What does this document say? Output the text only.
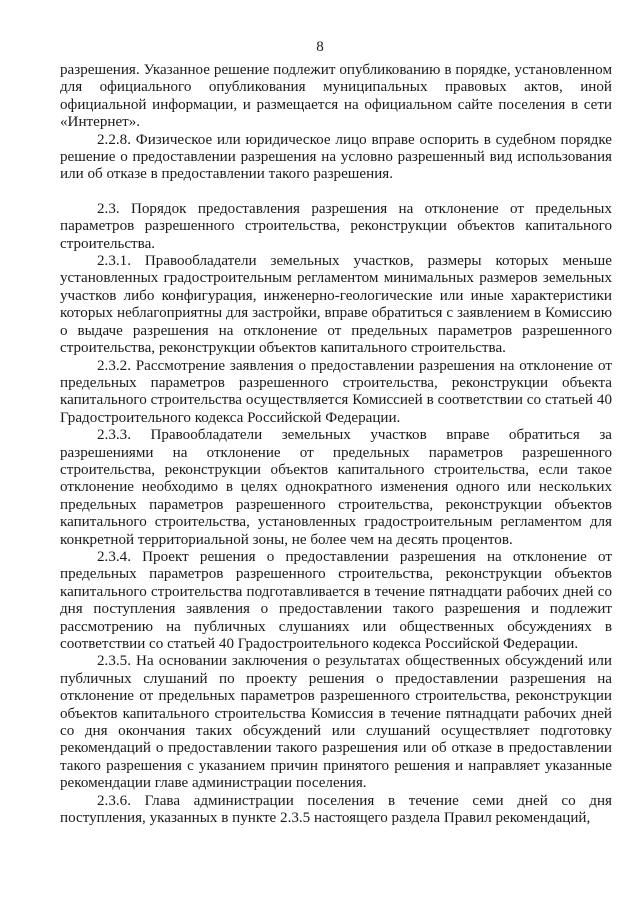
8

разрешения. Указанное решение подлежит опубликованию в порядке, установленном для официального опубликования муниципальных правовых актов, иной официальной информации, и размещается на официальном сайте поселения в сети «Интернет».

2.2.8. Физическое или юридическое лицо вправе оспорить в судебном порядке решение о предоставлении разрешения на условно разрешенный вид использования или об отказе в предоставлении такого разрешения.

2.3. Порядок предоставления разрешения на отклонение от предельных параметров разрешенного строительства, реконструкции объектов капитального строительства.

2.3.1. Правообладатели земельных участков, размеры которых меньше установленных градостроительным регламентом минимальных размеров земельных участков либо конфигурация, инженерно-геологические или иные характеристики которых неблагоприятны для застройки, вправе обратиться с заявлением в Комиссию о выдаче разрешения на отклонение от предельных параметров разрешенного строительства, реконструкции объектов капитального строительства.

2.3.2. Рассмотрение заявления о предоставлении разрешения на отклонение от предельных параметров разрешенного строительства, реконструкции объекта капитального строительства осуществляется Комиссией в соответствии со статьей 40 Градостроительного кодекса Российской Федерации.

2.3.3. Правообладатели земельных участков вправе обратиться за разрешениями на отклонение от предельных параметров разрешенного строительства, реконструкции объектов капитального строительства, если такое отклонение необходимо в целях однократного изменения одного или нескольких предельных параметров разрешенного строительства, реконструкции объектов капитального строительства, установленных градостроительным регламентом для конкретной территориальной зоны, не более чем на десять процентов.

2.3.4. Проект решения о предоставлении разрешения на отклонение от предельных параметров разрешенного строительства, реконструкции объектов капитального строительства подготавливается в течение пятнадцати рабочих дней со дня поступления заявления о предоставлении такого разрешения и подлежит рассмотрению на публичных слушаниях или общественных обсуждениях в соответствии со статьей 40 Градостроительного кодекса Российской Федерации.

2.3.5. На основании заключения о результатах общественных обсуждений или публичных слушаний по проекту решения о предоставлении разрешения на отклонение от предельных параметров разрешенного строительства, реконструкции объектов капитального строительства Комиссия в течение пятнадцати рабочих дней со дня окончания таких обсуждений или слушаний осуществляет подготовку рекомендаций о предоставлении такого разрешения или об отказе в предоставлении такого разрешения с указанием причин принятого решения и направляет указанные рекомендации главе администрации поселения.

2.3.6. Глава администрации поселения в течение семи дней со дня поступления, указанных в пункте 2.3.5 настоящего раздела Правил рекомендаций,
